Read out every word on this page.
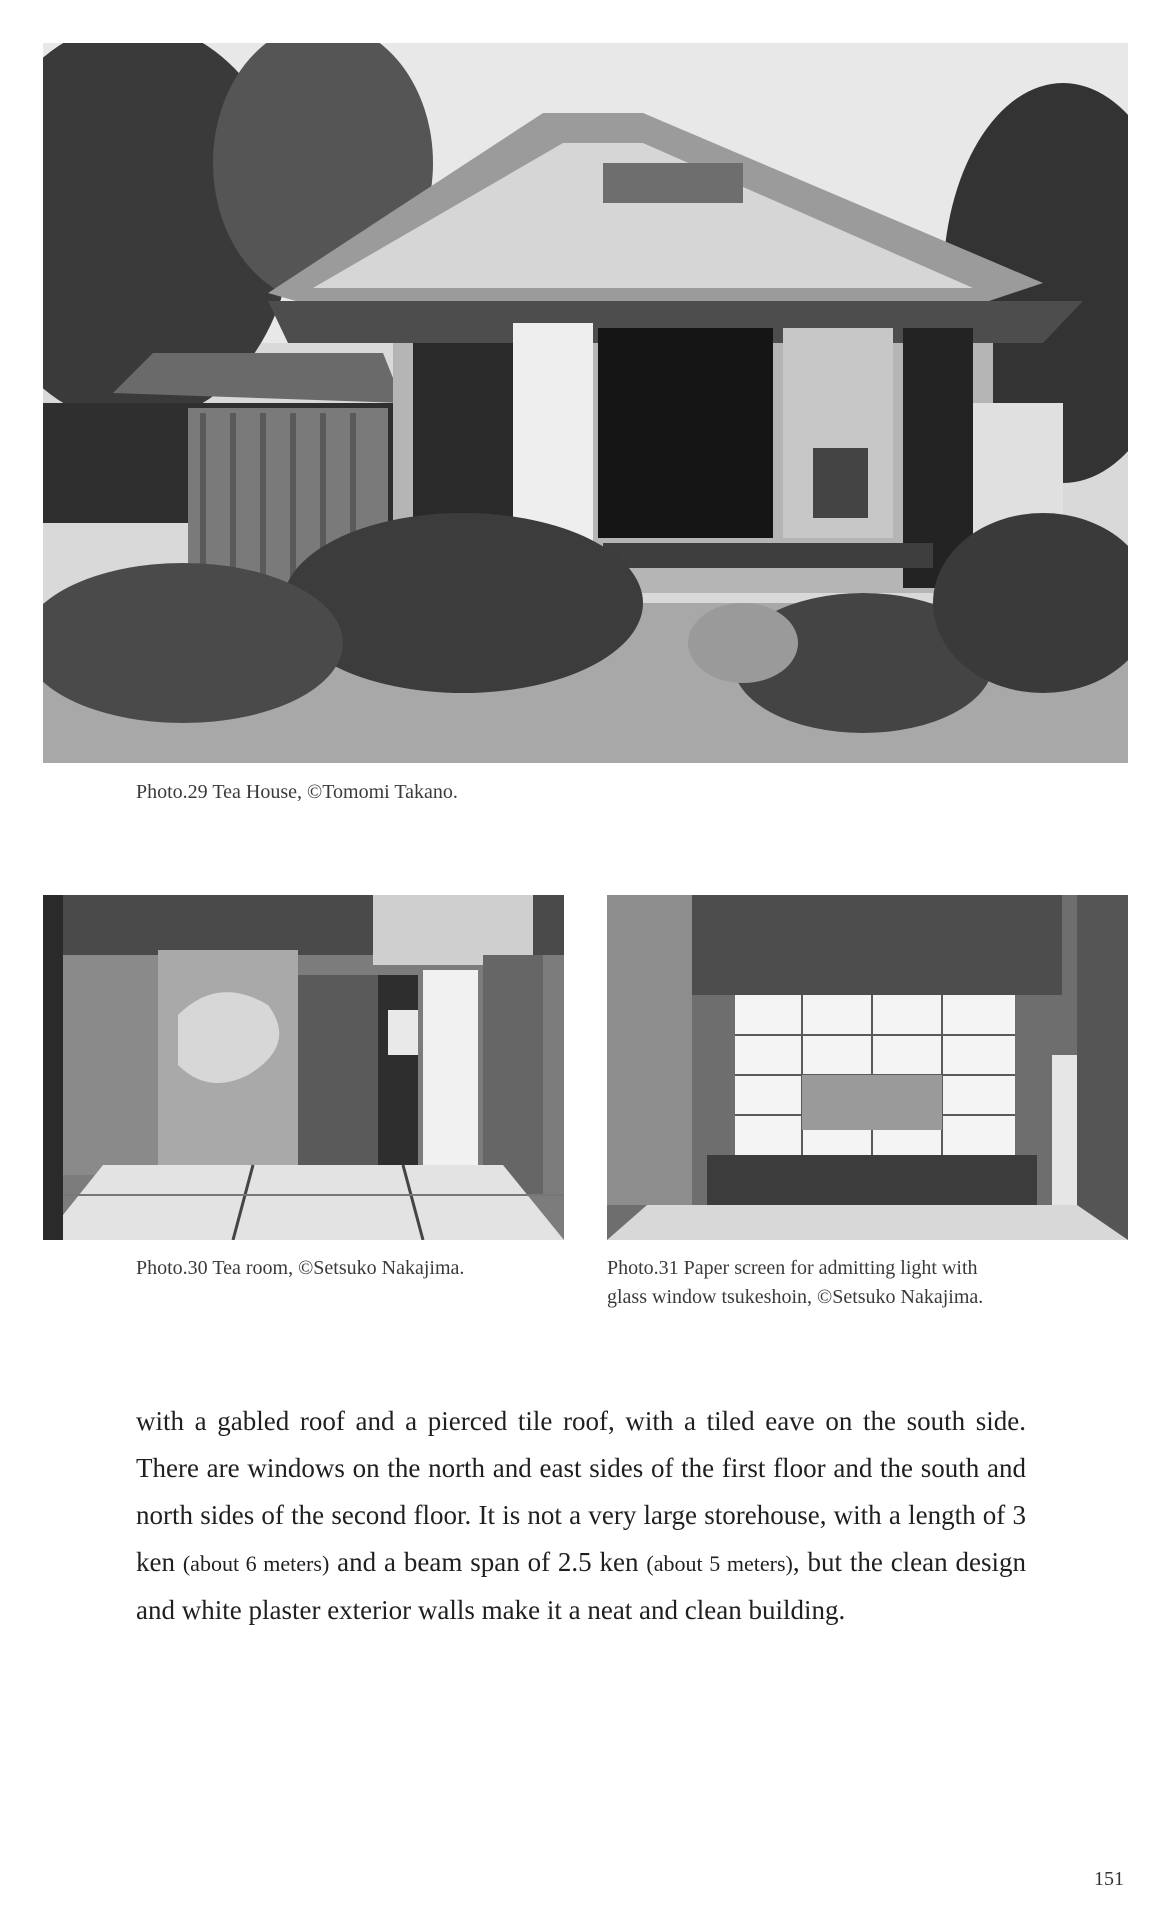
Photo.29 Tea House, ©Tomomi Takano.
Photo.30 Tea room, ©Setsuko Nakajima.	Photo.31 Paper screen for admitting light with
glass window tsukeshoin, ©Setsuko Nakajima.

with a gabled roof and a pierced tile roof, with a tiled eave on the south side. There are windows on the north and east sides of the first floor and the south and north sides of the second floor. It is not a very large storehouse, with a length of 3 ken (about 6 meters) and a beam span of 2.5 ken (about 5 meters), but the clean design and white plaster exterior walls make it a neat and clean building.

151
